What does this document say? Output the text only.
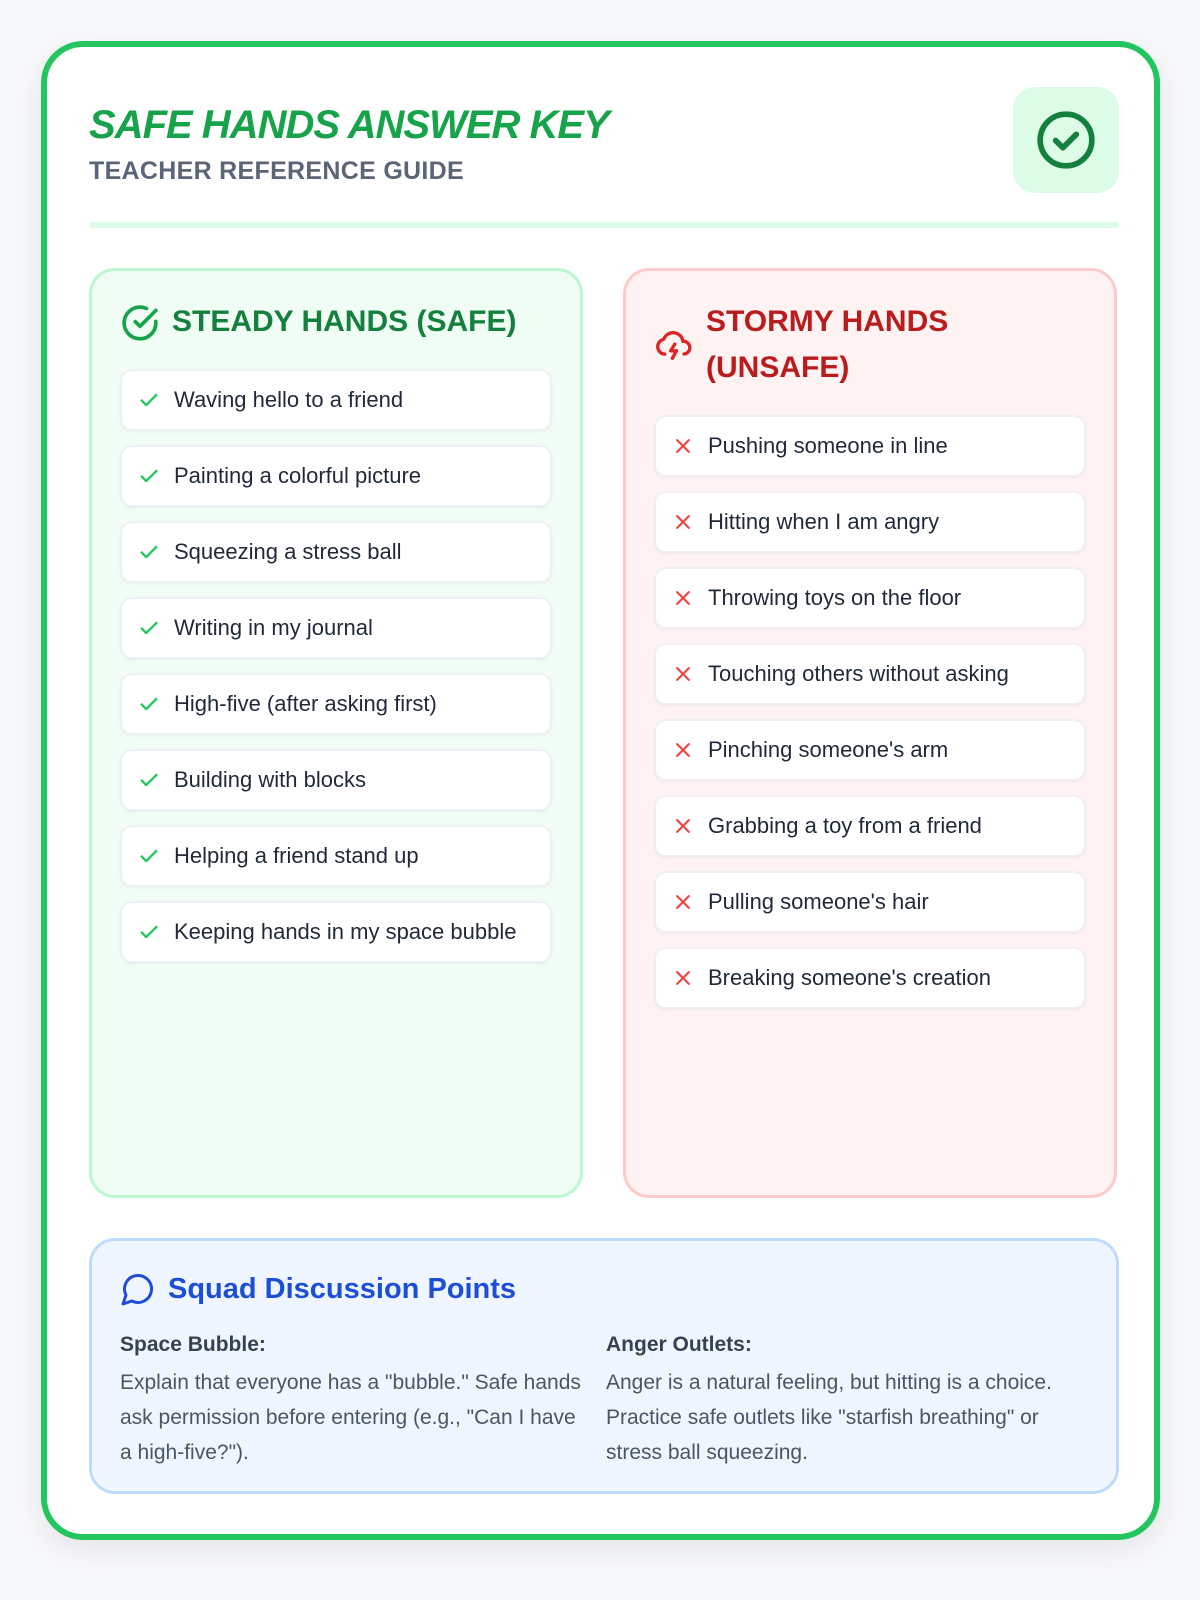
SAFE HANDS ANSWER KEY
TEACHER REFERENCE GUIDE
STEADY HANDS (SAFE)
Waving hello to a friend
Painting a colorful picture
Squeezing a stress ball
Writing in my journal
High-five (after asking first)
Building with blocks
Helping a friend stand up
Keeping hands in my space bubble
STORMY HANDS
(UNSAFE)
Pushing someone in line
Hitting when I am angry
Throwing toys on the floor
Touching others without asking
Pinching someone's arm
Grabbing a toy from a friend
Pulling someone's hair
Breaking someone's creation
Squad Discussion Points
Space Bubble:

Explain that everyone has a "bubble." Safe hands ask permission before entering (e.g., "Can I have a high-five?").

Anger Outlets:

Anger is a natural feeling, but hitting is a choice. Practice safe outlets like "starfish breathing" or stress ball squeezing.
